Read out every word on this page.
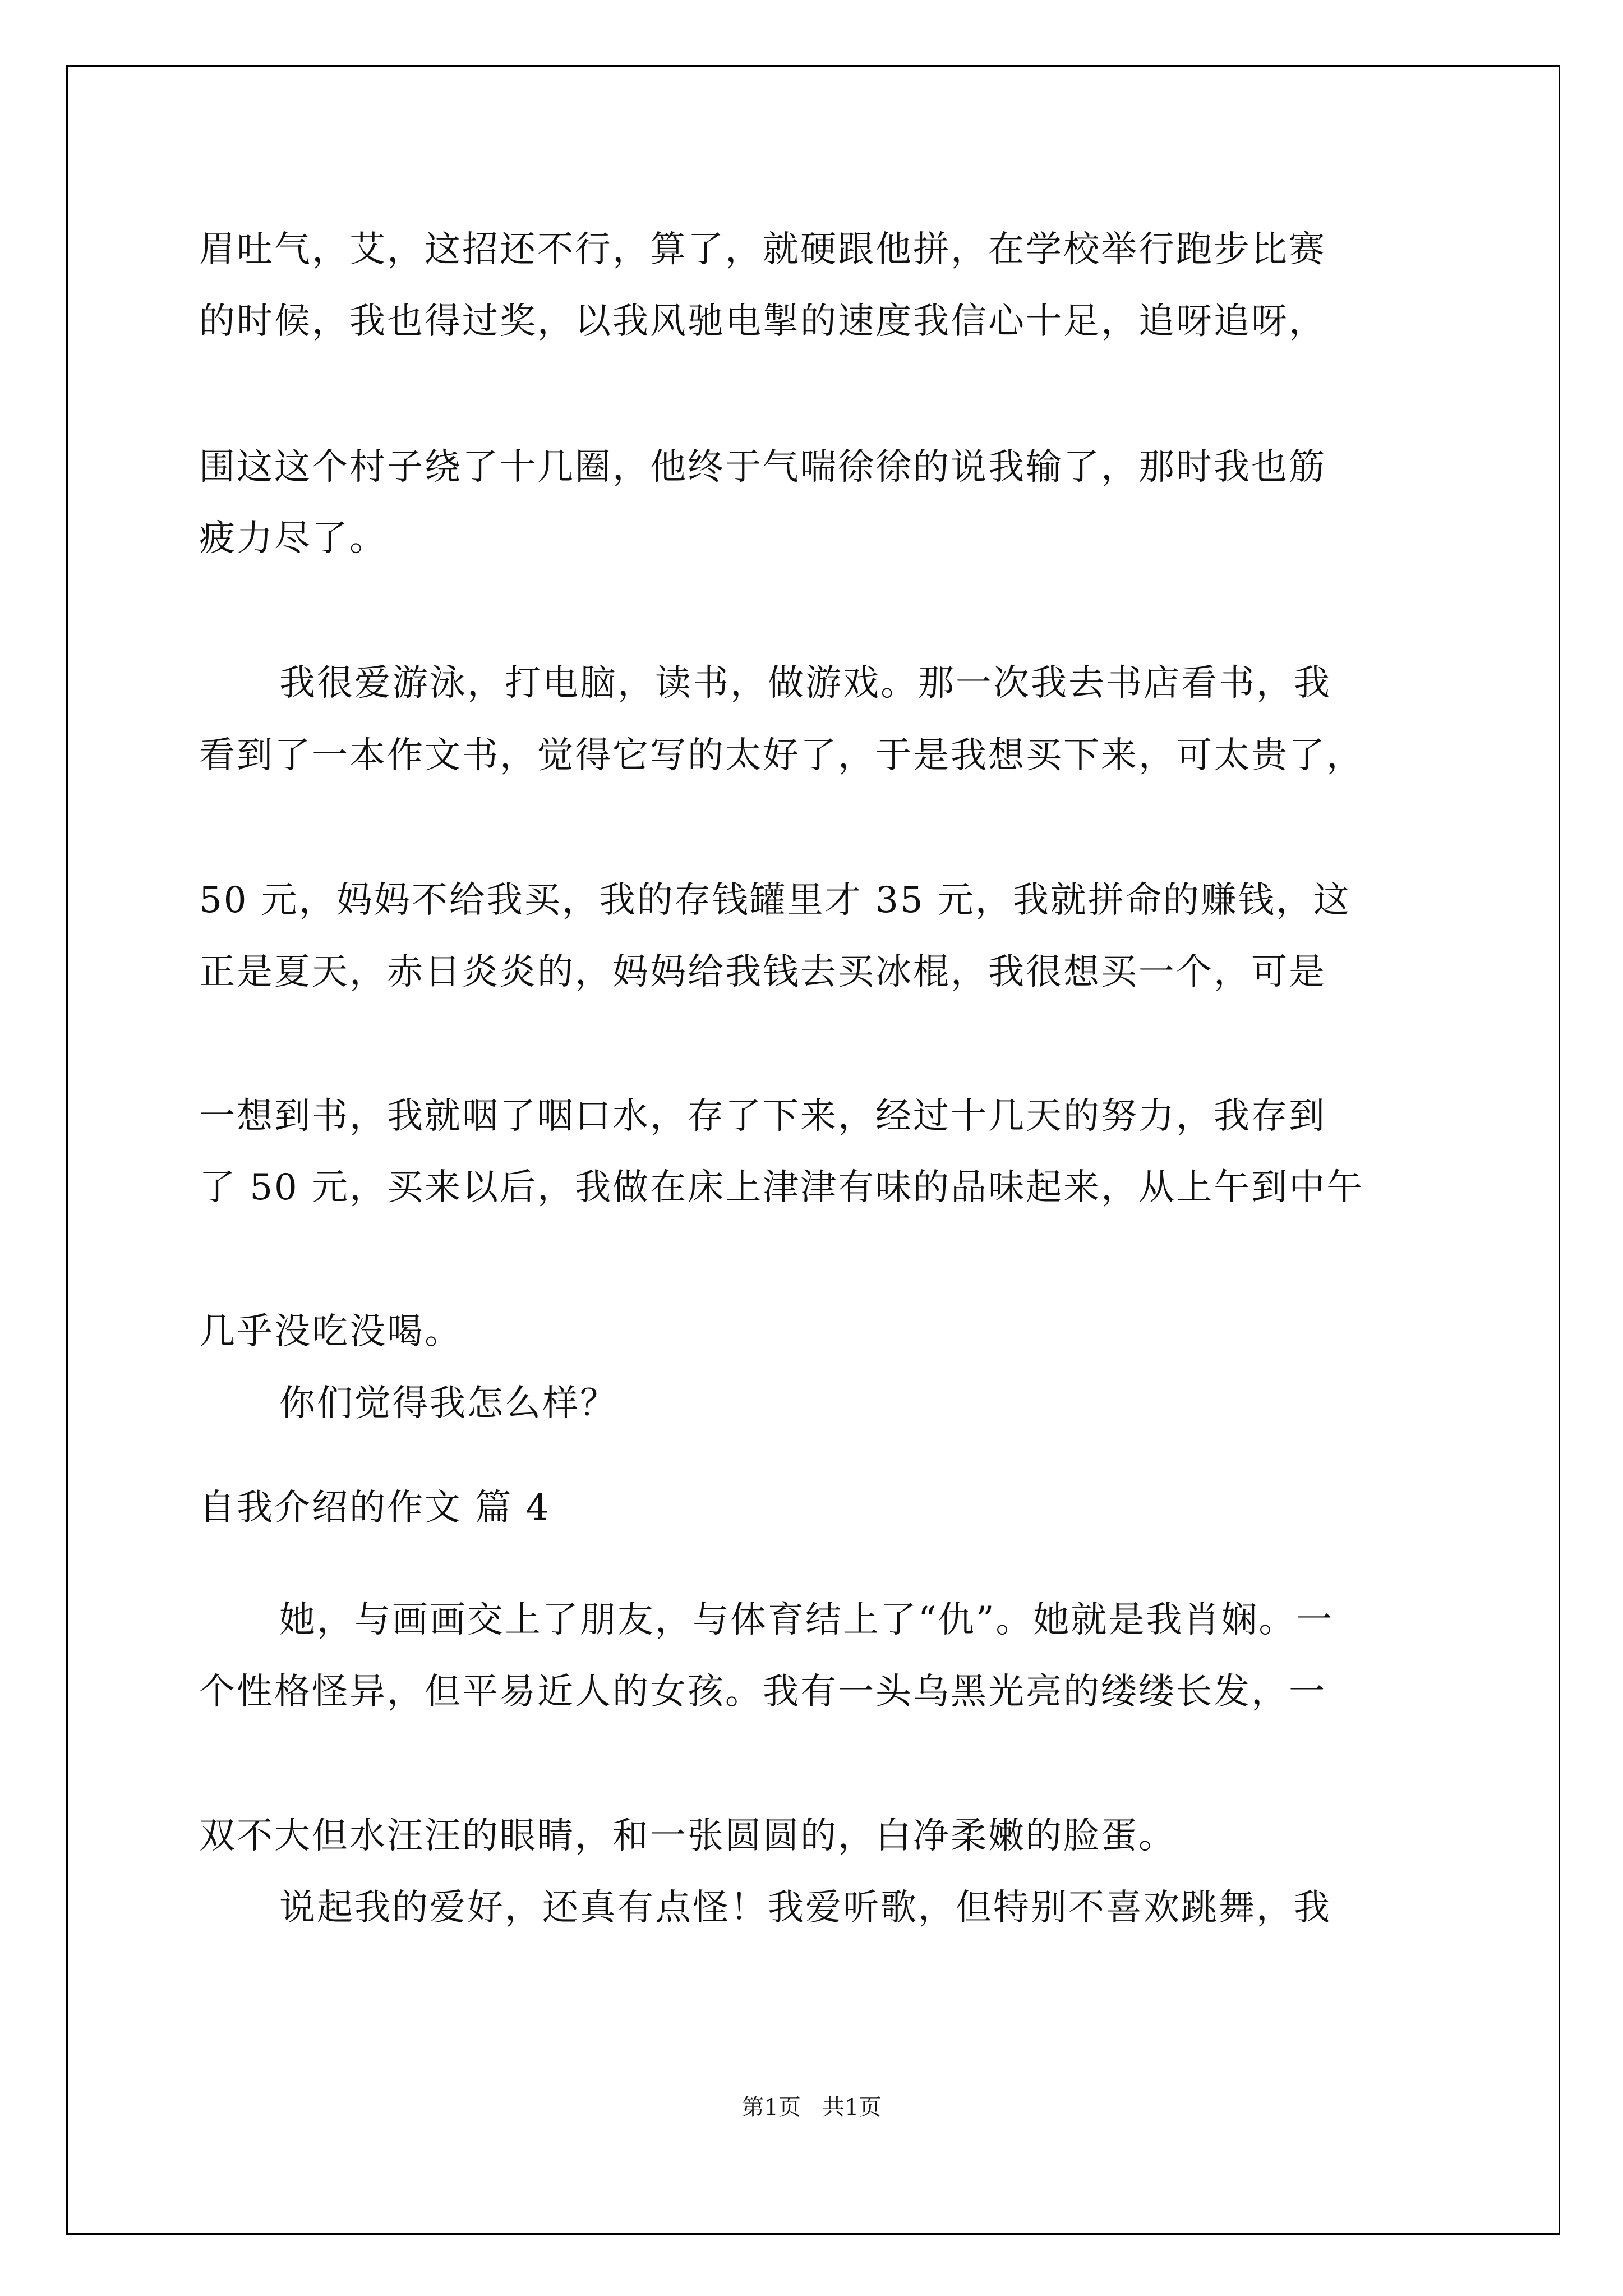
眉吐气，艾，这招还不行，算了，就硬跟他拼，在学校举行跑步比赛
的时候，我也得过奖，以我风驰电掣的速度我信心十足，追呀追呀，
围这这个村子绕了十几圈，他终于气喘徐徐的说我输了，那时我也筋
疲力尽了。
我很爱游泳，打电脑，读书，做游戏。那一次我去书店看书，我
看到了一本作文书，觉得它写的太好了，于是我想买下来，可太贵了，
50 元，妈妈不给我买，我的存钱罐里才 35 元，我就拼命的赚钱，这
正是夏天，赤日炎炎的，妈妈给我钱去买冰棍，我很想买一个，可是
一想到书，我就咽了咽口水，存了下来，经过十几天的努力，我存到
了 50 元，买来以后，我做在床上津津有味的品味起来，从上午到中午
几乎没吃没喝。
你们觉得我怎么样？
自我介绍的作文 篇 4
她，与画画交上了朋友，与体育结上了“仇”。她就是我肖娴。一
个性格怪异，但平易近人的女孩。我有一头乌黑光亮的缕缕长发，一
双不大但水汪汪的眼睛，和一张圆圆的，白净柔嫩的脸蛋。
说起我的爱好，还真有点怪！我爱听歌，但特别不喜欢跳舞，我
第1页   共1页
